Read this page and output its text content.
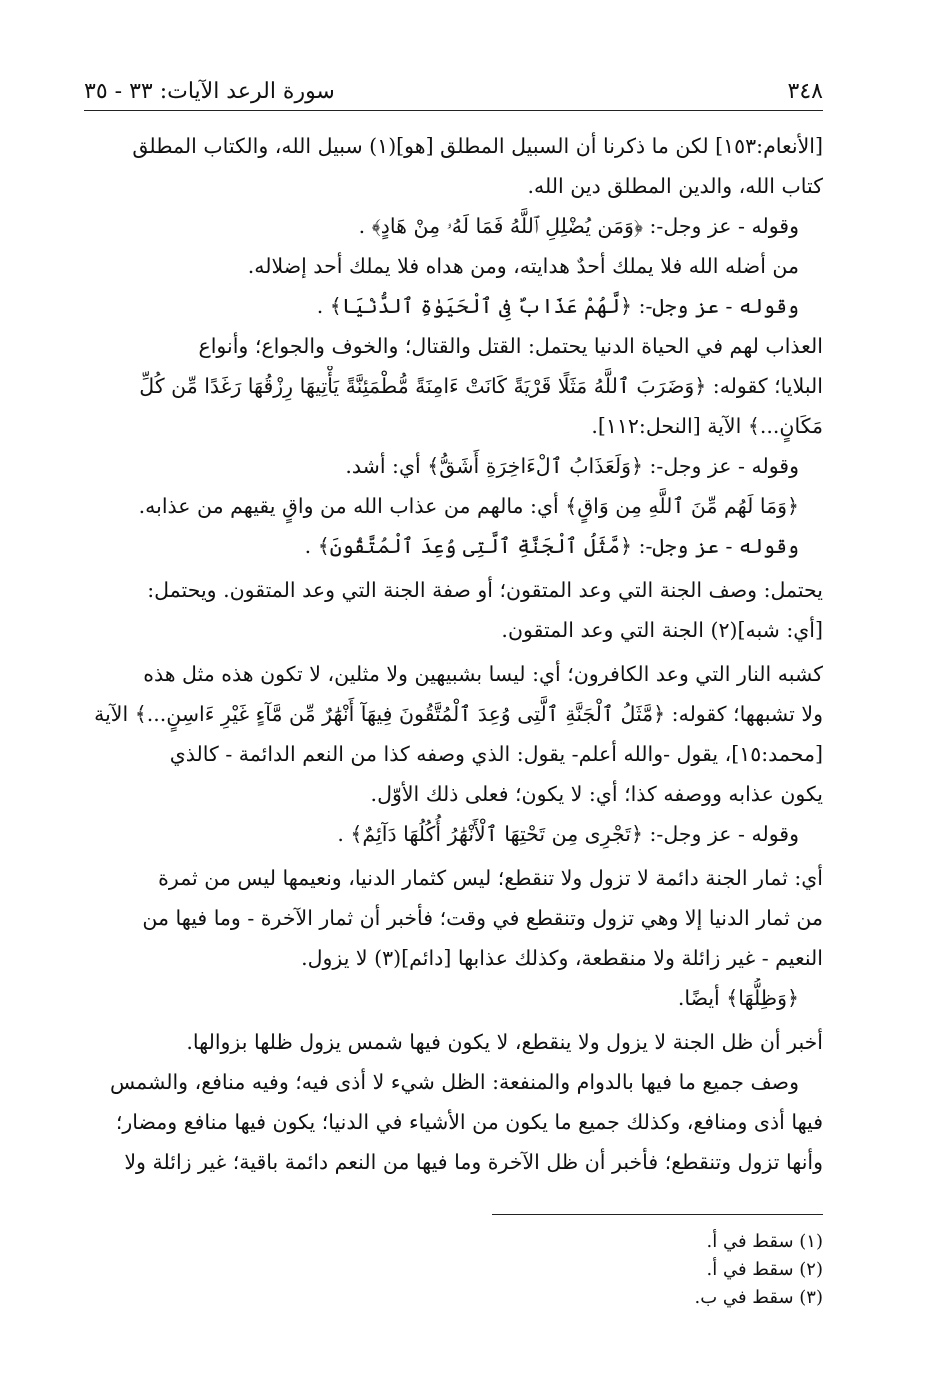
٣٤٨
سورة الرعد الآيات: ٣٣ - ٣٥

[الأنعام:١٥٣] لكن ما ذكرنا أن السبيل المطلق [هو](١) سبيل الله، والكتاب المطلق

كتاب الله، والدين المطلق دين الله.

وقوله - عز وجل-: ﴿وَمَن يُضْلِلِ ٱللَّهُ فَمَا لَهُۥ مِنْ هَادٍ﴾ .

من أضله الله فلا يملك أحدٌ هدايته، ومن هداه فلا يملك أحد إضلاله.

وقوله - عز وجل-: ﴿لَّهُمْ عَذَابٌ فِى ٱلْحَيَوٰةِ ٱلدُّنْيَا﴾ .

العذاب لهم في الحياة الدنيا يحتمل: القتل والقتال؛ والخوف والجواع؛ وأنواع

البلايا؛ كقوله: ﴿وَضَرَبَ ٱللَّهُ مَثَلًا قَرْيَةً كَانَتْ ءَامِنَةً مُّطْمَئِنَّةً يَأْتِيهَا رِزْقُهَا رَغَدًا مِّن كُلِّ

مَكَانٍ...﴾ الآية [النحل:١١٢].

وقوله - عز وجل-: ﴿وَلَعَذَابُ ٱلْءَاخِرَةِ أَشَقُّ﴾ أي: أشد.

﴿وَمَا لَهُم مِّنَ ٱللَّهِ مِن وَاقٍ﴾ أي: مالهم من عذاب الله من واقٍ يقيهم من عذابه.

وقوله - عز وجل-: ﴿مَّثَلُ ٱلْجَنَّةِ ٱلَّتِى وُعِدَ ٱلْمُتَّقُونَ﴾ .

يحتمل: وصف الجنة التي وعد المتقون؛ أو صفة الجنة التي وعد المتقون. ويحتمل:

[أي: شبه](٢) الجنة التي وعد المتقون.

كشبه النار التي وعد الكافرون؛ أي: ليسا بشبيهين ولا مثلين، لا تكون هذه مثل هذه

ولا تشبهها؛ كقوله: ﴿مَّثَلُ ٱلْجَنَّةِ ٱلَّتِى وُعِدَ ٱلْمُتَّقُونَ فِيهَآ أَنْهَٰرٌ مِّن مَّآءٍ غَيْرِ ءَاسِنٍ...﴾ الآية

[محمد:١٥]، يقول -والله أعلم- يقول: الذي وصفه كذا من النعم الدائمة - كالذي

يكون عذابه ووصفه كذا؛ أي: لا يكون؛ فعلى ذلك الأوّل.

وقوله - عز وجل-: ﴿تَجْرِى مِن تَحْتِهَا ٱلْأَنْهَٰرُ أُكُلُهَا دَآئِمٌ﴾ .

أي: ثمار الجنة دائمة لا تزول ولا تنقطع؛ ليس كثمار الدنيا، ونعيمها ليس من ثمرة

من ثمار الدنيا إلا وهي تزول وتنقطع في وقت؛ فأخبر أن ثمار الآخرة - وما فيها من

النعيم - غير زائلة ولا منقطعة، وكذلك عذابها [دائم](٣) لا يزول.

﴿وَظِلُّهَا﴾ أيضًا.

أخبر أن ظل الجنة لا يزول ولا ينقطع، لا يكون فيها شمس يزول ظلها بزوالها.

وصف جميع ما فيها بالدوام والمنفعة: الظل شيء لا أذى فيه؛ وفيه منافع، والشمس

فيها أذى ومنافع، وكذلك جميع ما يكون من الأشياء في الدنيا؛ يكون فيها منافع ومضار؛

وأنها تزول وتنقطع؛ فأخبر أن ظل الآخرة وما فيها من النعم دائمة باقية؛ غير زائلة ولا

(١) سقط في أ.

(٢) سقط في أ.

(٣) سقط في ب.
